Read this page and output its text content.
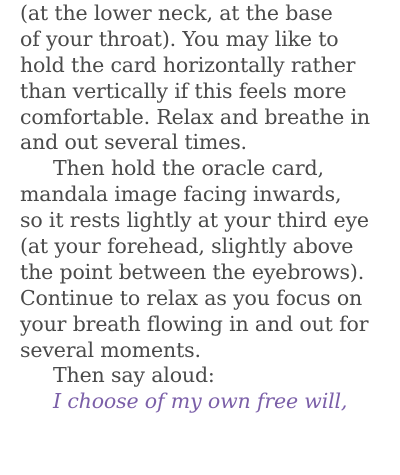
(at the lower neck, at the base
of your throat). You may like to
hold the card horizontally rather
than vertically if this feels more
comfortable. Relax and breathe in
and out several times.
Then hold the oracle card,
mandala image facing inwards,
so it rests lightly at your third eye
(at your forehead, slightly above
the point between the eyebrows).
Continue to relax as you focus on
your breath flowing in and out for
several moments.
Then say aloud:
I choose of my own free will,
